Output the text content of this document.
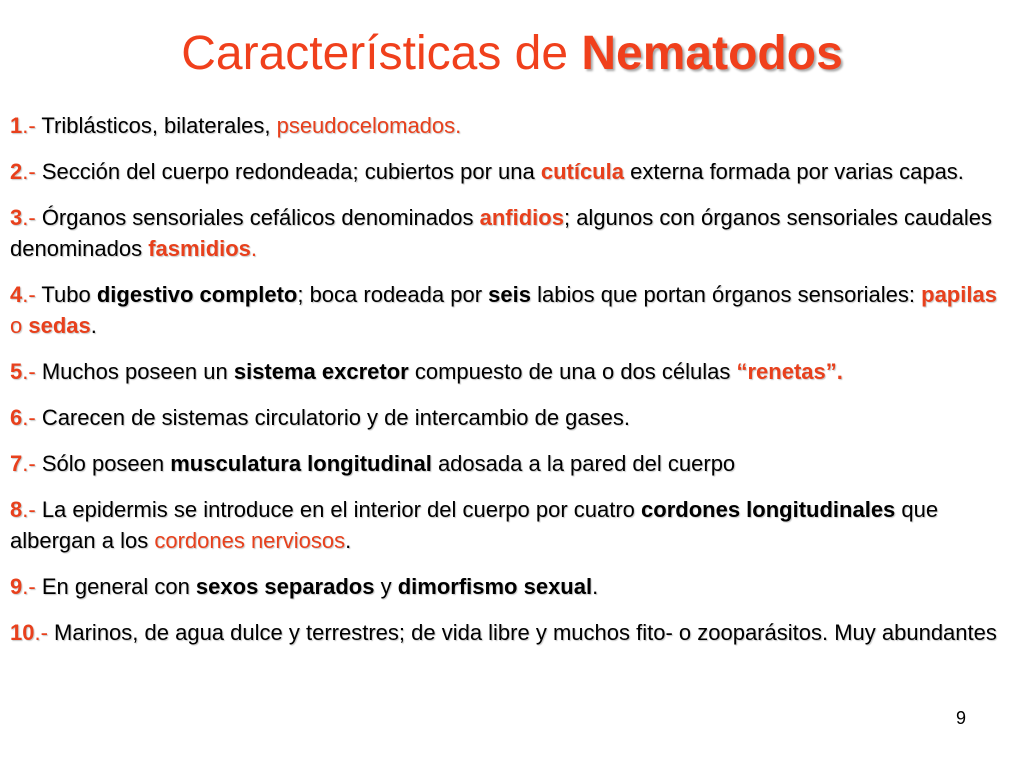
Características de Nematodos
1.- Triblásticos, bilaterales, pseudocelomados.
2.- Sección del cuerpo redondeada; cubiertos por una cutícula externa formada por varias capas.
3.- Órganos sensoriales cefálicos denominados anfidios; algunos con órganos sensoriales caudales denominados fasmidios.
4.- Tubo digestivo completo; boca rodeada por seis labios que portan órganos sensoriales: papilas o sedas.
5.- Muchos poseen un sistema excretor compuesto de una o dos células “renetas”.
6.- Carecen de sistemas circulatorio y de intercambio de gases.
7.- Sólo poseen musculatura longitudinal adosada a la pared del cuerpo
8.- La epidermis se introduce en el interior del cuerpo por cuatro cordones longitudinales que albergan a los cordones nerviosos.
9.- En general con sexos separados y dimorfismo sexual.
10.- Marinos, de agua dulce y terrestres; de vida libre y muchos fito- o zooparásitos. Muy abundantes
9
